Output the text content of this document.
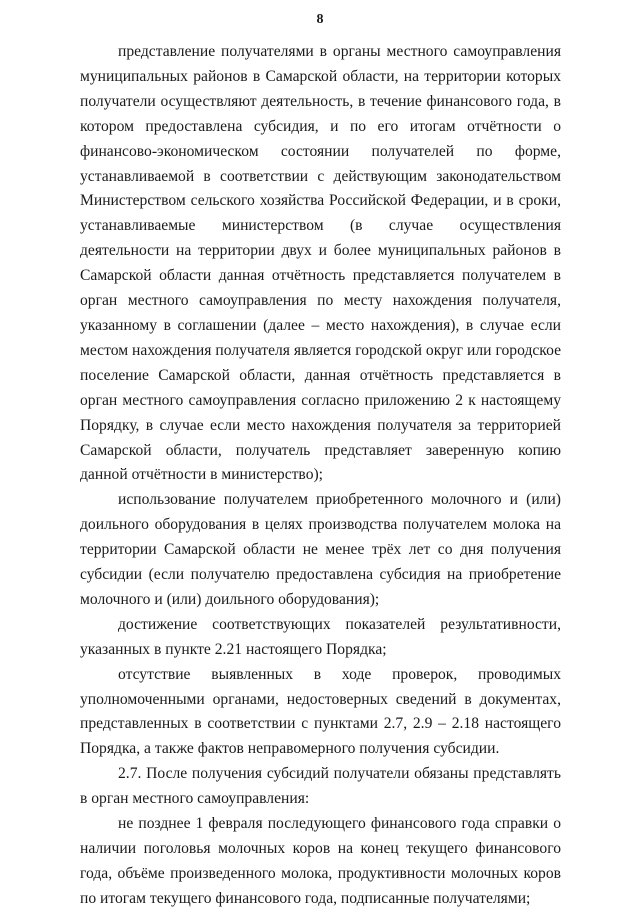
8

представление получателями в органы местного самоуправления муниципальных районов в Самарской области, на территории которых получатели осуществляют деятельность, в течение финансового года, в котором предоставлена субсидия, и по его итогам отчётности о финансово-экономическом состоянии получателей по форме, устанавливаемой в соответствии с действующим законодательством Министерством сельского хозяйства Российской Федерации, и в сроки, устанавливаемые министерством (в случае осуществления деятельности на территории двух и более муниципальных районов в Самарской области данная отчётность представляется получателем в орган местного самоуправления по месту нахождения получателя, указанному в соглашении (далее – место нахождения), в случае если местом нахождения получателя является городской округ или городское поселение Самарской области, данная отчётность представляется в орган местного самоуправления согласно приложению 2 к настоящему Порядку, в случае если место нахождения получателя за территорией Самарской области, получатель представляет заверенную копию данной отчётности в министерство);

использование получателем приобретенного молочного и (или) доильного оборудования в целях производства получателем молока на территории Самарской области не менее трёх лет со дня получения субсидии (если получателю предоставлена субсидия на приобретение молочного и (или) доильного оборудования);

достижение соответствующих показателей результативности, указанных в пункте 2.21 настоящего Порядка;

отсутствие выявленных в ходе проверок, проводимых уполномоченными органами, недостоверных сведений в документах, представленных в соответствии с пунктами 2.7, 2.9 – 2.18 настоящего Порядка, а также фактов неправомерного получения субсидии.

2.7. После получения субсидий получатели обязаны представлять в орган местного самоуправления:

не позднее 1 февраля последующего финансового года справки о наличии поголовья молочных коров на конец текущего финансового года, объёме произведенного молока, продуктивности молочных коров по итогам текущего финансового года, подписанные получателями;
